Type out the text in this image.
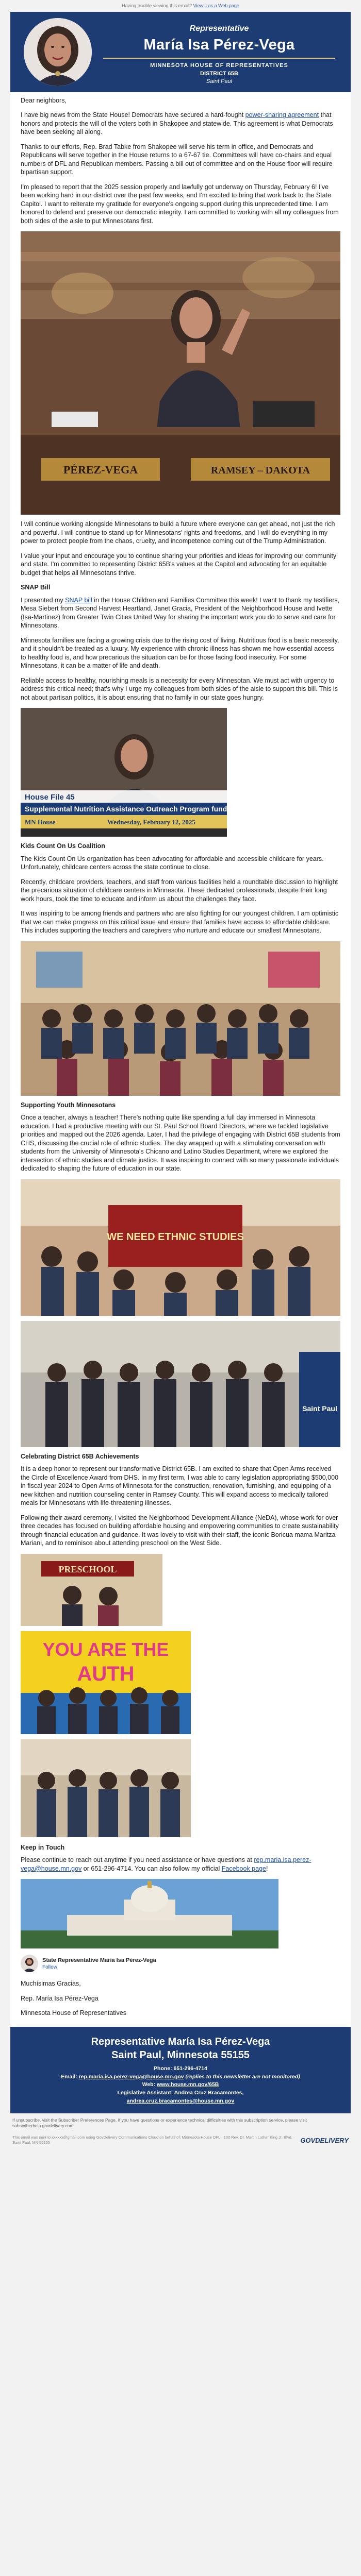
Having trouble viewing this email? View it as a Web page
Representative
María Isa Pérez-Vega
MINNESOTA HOUSE OF REPRESENTATIVES
DISTRICT 65B
Saint Paul

Dear neighbors,

I have big news from the State House! Democrats have secured a hard-fought power-sharing agreement that honors and protects the will of the voters both in Shakopee and statewide. This agreement is what Democrats have been seeking all along.

Thanks to our efforts, Rep. Brad Tabke from Shakopee will serve his term in office, and Democrats and Republicans will serve together in the House returns to a 67-67 tie. Committees will have co-chairs and equal numbers of DFL and Republican members. Passing a bill out of committee and on the House floor will require bipartisan support.

I'm pleased to report that the 2025 session properly and lawfully got underway on Thursday, February 6! I've been working hard in our district over the past few weeks, and I'm excited to bring that work back to the State Capitol. I want to reiterate my gratitude for everyone's ongoing support during this unprecedented time. I am honored to defend and preserve our democratic integrity. I am committed to working with all my colleagues from both sides of the aisle to put Minnesotans first.

PÉREZ-VEGA	RAMSEY – DAKOTA

I will continue working alongside Minnesotans to build a future where everyone can get ahead, not just the rich and powerful. I will continue to stand up for Minnesotans' rights and freedoms, and I will do everything in my power to protect people from the chaos, cruelty, and incompetence coming out of the Trump Administration.

I value your input and encourage you to continue sharing your priorities and ideas for improving our community and state. I'm committed to representing District 65B's values at the Capitol and advocating for an equitable budget that helps all Minnesotans thrive.

SNAP Bill

I presented my SNAP bill in the House Children and Families Committee this week! I want to thank my testifiers, Mesa Siebert from Second Harvest Heartland, Janet Gracia, President of the Neighborhood House and Ivette (Isa-Martinez) from Greater Twin Cities United Way for sharing the important work you do to serve and care for Minnesotans.

Minnesota families are facing a growing crisis due to the rising cost of living. Nutritious food is a basic necessity, and it shouldn't be treated as a luxury. My experience with chronic illness has shown me how essential access to healthy food is, and how precarious the situation can be for those facing food insecurity. For some Minnesotans, it can be a matter of life and death.

Reliable access to healthy, nourishing meals is a necessity for every Minnesotan. We must act with urgency to address this critical need; that's why I urge my colleagues from both sides of the aisle to support this bill. This is not about partisan politics, it is about ensuring that no family in our state goes hungry.

House File 45
Supplemental Nutrition Assistance Outreach Program fund
MN House	Wednesday, February 12, 2025
Kids Count On Us Coalition

The Kids Count On Us organization has been advocating for affordable and accessible childcare for years. Unfortunately, childcare centers across the state continue to close.

Recently, childcare providers, teachers, and staff from various facilities held a roundtable discussion to highlight the precarious situation of childcare centers in Minnesota. These dedicated professionals, despite their long work hours, took the time to educate and inform us about the challenges they face.

It was inspiring to be among friends and partners who are also fighting for our youngest children. I am optimistic that we can make progress on this critical issue and ensure that families have access to affordable childcare. This includes supporting the teachers and caregivers who nurture and educate our smallest Minnesotans.

Supporting Youth Minnesotans

Once a teacher, always a teacher! There's nothing quite like spending a full day immersed in Minnesota education. I had a productive meeting with our St. Paul School Board Directors, where we tackled legislative priorities and mapped out the 2026 agenda. Later, I had the privilege of engaging with District 65B students from CHS, discussing the crucial role of ethnic studies. The day wrapped up with a stimulating conversation with students from the University of Minnesota's Chicano and Latino Studies Department, where we explored the intersection of ethnic studies and climate justice. It was inspiring to connect with so many passionate individuals dedicated to shaping the future of education in our state.

WE NEED ETHNIC STUDIES
Saint Paul
Celebrating District 65B Achievements

It is a deep honor to represent our transformative District 65B. I am excited to share that Open Arms received the Circle of Excellence Award from DHS. In my first term, I was able to carry legislation appropriating $500,000 in fiscal year 2024 to Open Arms of Minnesota for the construction, renovation, furnishing, and equipping of a new kitchen and nutrition counseling center in Ramsey County. This will expand access to medically tailored meals for Minnesotans with life-threatening illnesses.

Following their award ceremony, I visited the Neighborhood Development Alliance (NeDA), whose work for over three decades has focused on building affordable housing and empowering communities to create sustainability through financial education and guidance. It was lovely to visit with their staff, the iconic Boricua mama Maritza Mariani, and to reminisce about attending preschool on the West Side.

PRESCHOOL
YOU ARE THE
AUTH
Keep in Touch

Please continue to reach out anytime if you need assistance or have questions at rep.maria.isa.perez-vega@house.mn.gov or 651-296-4714. You can also follow my official Facebook page!

State Representative María Isa Pérez-Vega
Follow

Muchísimas Gracias,

Rep. María Isa Pérez-Vega

Minnesota House of Representatives

Representative María Isa Pérez-Vega
Saint Paul, Minnesota 55155
Phone: 651-296-4714
Email: rep.maria.isa.perez-vega@house.mn.gov (replies to this newsletter are not monitored)
Web: www.house.mn.gov/65B
Legislative Assistant: Andrea Cruz Bracamontes,
andrea.cruz.bracamontes@house.mn.gov
If unsubscribe, visit the Subscriber Preferences Page. If you have questions or experience technical difficulties with this subscription service, please visit subscriberhelp.govdelivery.com.
This email was sent to xxxxxx@gmail.com using GovDelivery Communications Cloud on behalf of: Minnesota House DFL · 100 Rev. Dr. Martin Luther King Jr. Blvd. · Saint Paul, MN 55155	GOVDELIVERY
